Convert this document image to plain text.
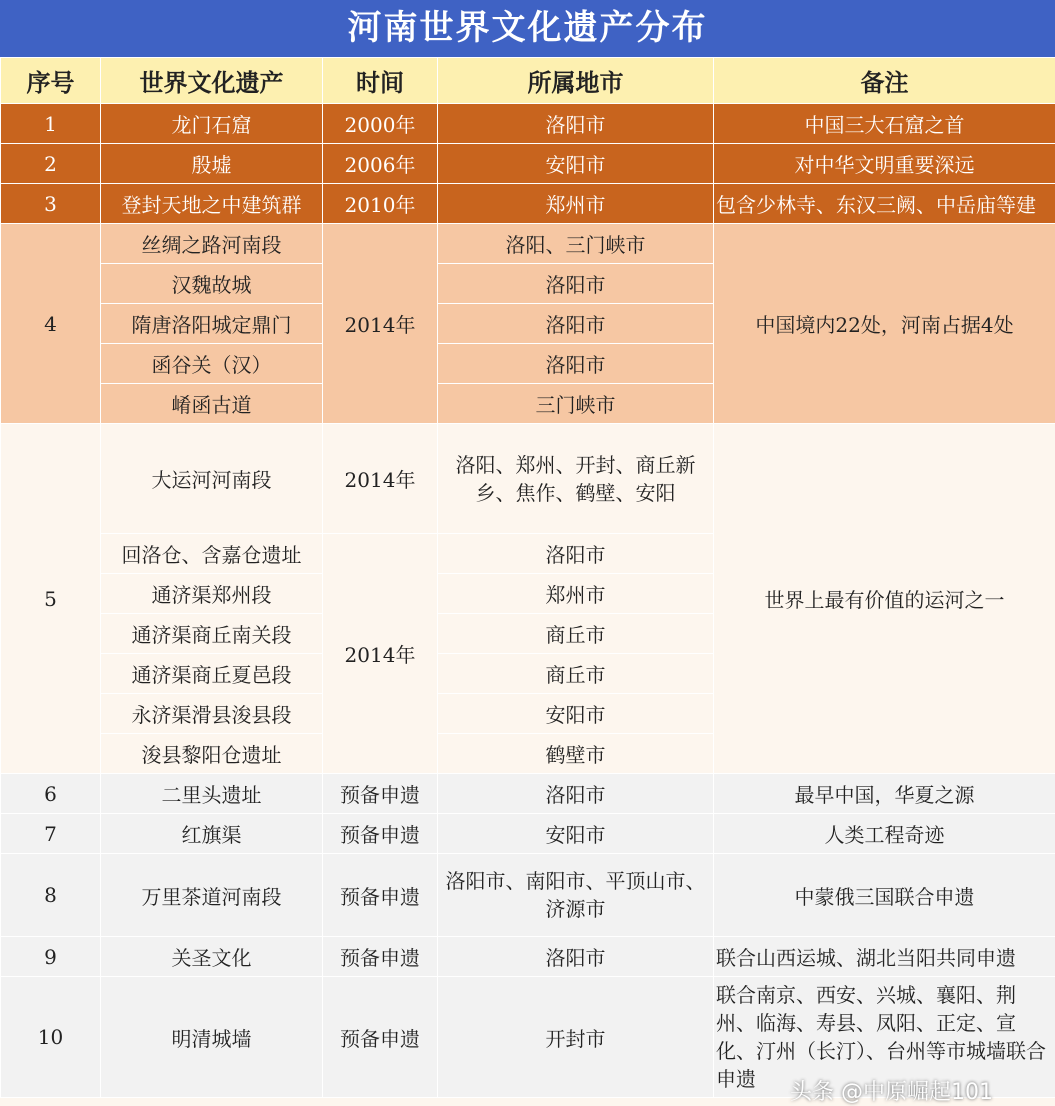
河南世界文化遗产分布
序号	世界文化遗产	时间	所属地市	备注
1	龙门石窟	2000年	洛阳市	中国三大石窟之首
2	殷墟	2006年	安阳市	对中华文明重要深远
3	登封天地之中建筑群	2010年	郑州市	包含少林寺、东汉三阙、中岳庙等建
4	丝绸之路河南段	2014年	洛阳、三门峡市	中国境内22处，河南占据4处
	汉魏故城		洛阳市	
	隋唐洛阳城定鼎门		洛阳市	
	函谷关（汉）		洛阳市	
	崤函古道		三门峡市	
5	大运河河南段	2014年	洛阳、郑州、开封、商丘新乡、焦作、鹤壁、安阳	世界上最有价值的运河之一
	回洛仓、含嘉仓遗址	2014年	洛阳市	
	通济渠郑州段		郑州市	
	通济渠商丘南关段		商丘市	
	通济渠商丘夏邑段		商丘市	
	永济渠滑县浚县段		安阳市	
	浚县黎阳仓遗址		鹤壁市	
6	二里头遗址	预备申遗	洛阳市	最早中国，华夏之源
7	红旗渠	预备申遗	安阳市	人类工程奇迹
8	万里茶道河南段	预备申遗	洛阳市、南阳市、平顶山市、济源市	中蒙俄三国联合申遗
9	关圣文化	预备申遗	洛阳市	联合山西运城、湖北当阳共同申遗
10	明清城墙	预备申遗	开封市	联合南京、西安、兴城、襄阳、荆州、临海、寿县、凤阳、正定、宣化、汀州（长汀）、台州等市城墙联合申遗
头条 @中原崛起101
